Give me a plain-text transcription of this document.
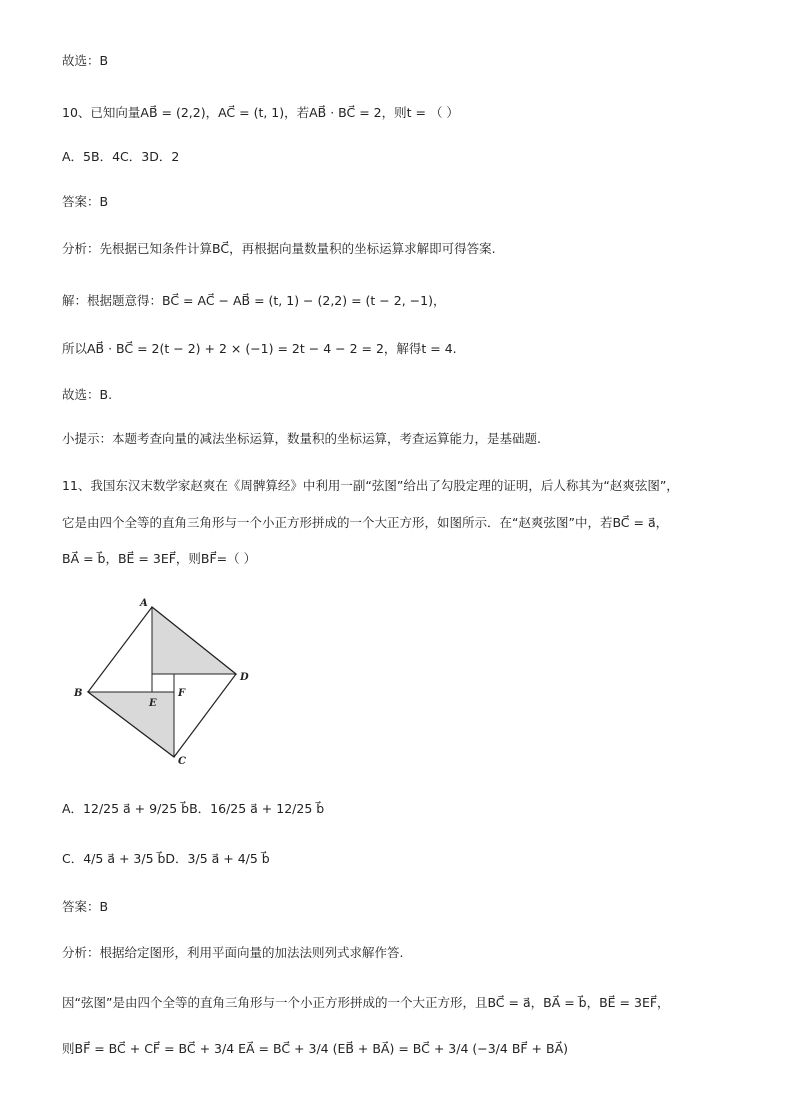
故选：B
10、已知向量AB⃗ = (2,2)，AC⃗ = (t, 1)，若AB⃗ · BC⃗ = 2，则t = （ ）
A．5B．4C．3D．2
答案：B
分析：先根据已知条件计算BC⃗，再根据向量数量积的坐标运算求解即可得答案.
解：根据题意得：BC⃗ = AC⃗ − AB⃗ = (t, 1) − (2,2) = (t − 2, −1)，
所以AB⃗ · BC⃗ = 2(t − 2) + 2 × (−1) = 2t − 4 − 2 = 2，解得t = 4.
故选：B.
小提示：本题考查向量的减法坐标运算，数量积的坐标运算，考查运算能力，是基础题.
11、我国东汉末数学家赵爽在《周髀算经》中利用一副“弦图”给出了勾股定理的证明，后人称其为“赵爽弦图”，
它是由四个全等的直角三角形与一个小正方形拼成的一个大正方形，如图所示．在“赵爽弦图”中，若BC⃗ = a⃗，
BA⃗ = b⃗，BE⃗ = 3EF⃗，则BF⃗=（ ）
A
B
C
D
E
F
A．12/25 a⃗ + 9/25 b⃗B．16/25 a⃗ + 12/25 b⃗
C．4/5 a⃗ + 3/5 b⃗D．3/5 a⃗ + 4/5 b⃗
答案：B
分析：根据给定图形，利用平面向量的加法法则列式求解作答.
因“弦图”是由四个全等的直角三角形与一个小正方形拼成的一个大正方形，且BC⃗ = a⃗，BA⃗ = b⃗，BE⃗ = 3EF⃗，
则BF⃗ = BC⃗ + CF⃗ = BC⃗ + 3/4 EA⃗ = BC⃗ + 3/4 (EB⃗ + BA⃗) = BC⃗ + 3/4 (−3/4 BF⃗ + BA⃗)
